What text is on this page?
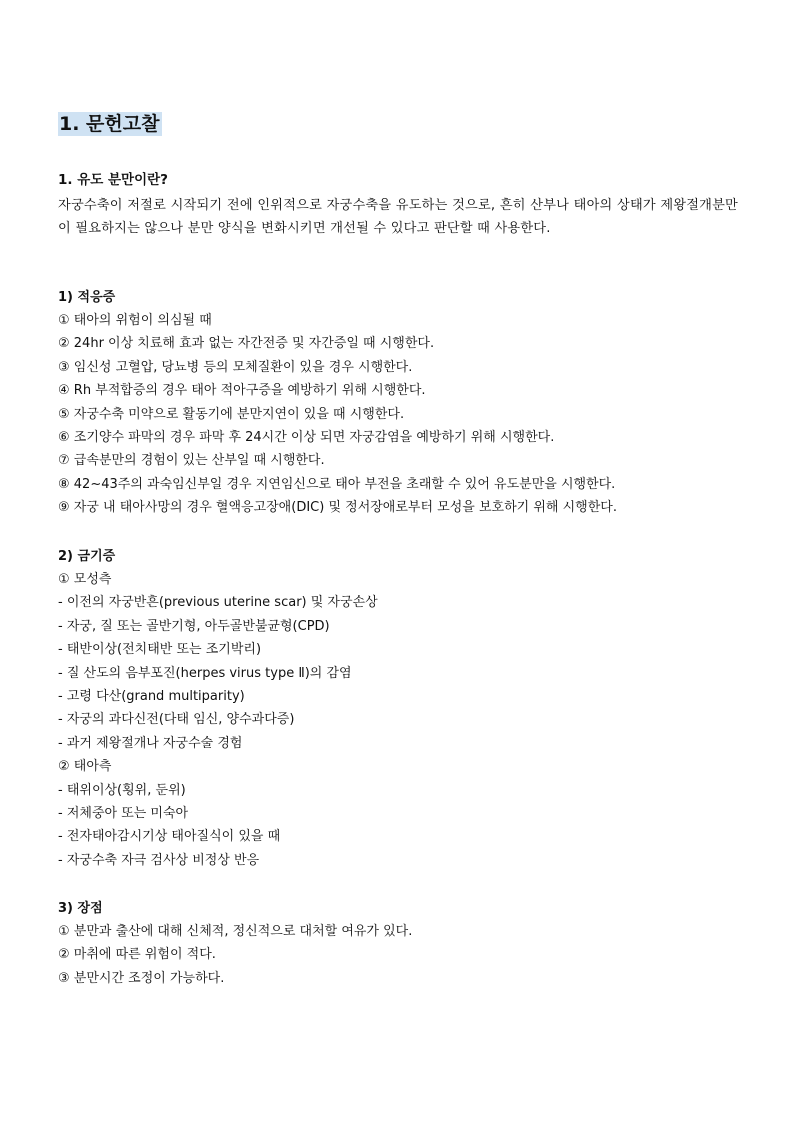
1. 문헌고찰
1. 유도 분만이란?
자궁수축이 저절로 시작되기 전에 인위적으로 자궁수축을 유도하는 것으로, 흔히 산부나 태아의 상태가 제왕절개분만이 필요하지는 않으나 분만 양식을 변화시키면 개선될 수 있다고 판단할 때 사용한다.
1) 적응증
① 태아의 위험이 의심될 때
② 24hr 이상 치료해 효과 없는 자간전증 및 자간증일 때 시행한다.
③ 임신성 고혈압, 당뇨병 등의 모체질환이 있을 경우 시행한다.
④ Rh 부적합증의 경우 태아 적아구증을 예방하기 위해 시행한다.
⑤ 자궁수축 미약으로 활동기에 분만지연이 있을 때 시행한다.
⑥ 조기양수 파막의 경우 파막 후 24시간 이상 되면 자궁감염을 예방하기 위해 시행한다.
⑦ 급속분만의 경험이 있는 산부일 때 시행한다.
⑧ 42~43주의 과숙임신부일 경우 지연임신으로 태아 부전을 초래할 수 있어 유도분만을 시행한다.
⑨ 자궁 내 태아사망의 경우 혈액응고장애(DIC) 및 정서장애로부터 모성을 보호하기 위해 시행한다.
2) 금기증
① 모성측
- 이전의 자궁반흔(previous uterine scar) 및 자궁손상
- 자궁, 질 또는 골반기형, 아두골반불균형(CPD)
- 태반이상(전치태반 또는 조기박리)
- 질 산도의 음부포진(herpes virus type Ⅱ)의 감염
- 고령 다산(grand multiparity)
- 자궁의 과다신전(다태 임신, 양수과다증)
- 과거 제왕절개나 자궁수술 경험
② 태아측
- 태위이상(횡위, 둔위)
- 저체중아 또는 미숙아
- 전자태아감시기상 태아질식이 있을 때
- 자궁수축 자극 검사상 비정상 반응
3) 장점
① 분만과 출산에 대해 신체적, 정신적으로 대처할 여유가 있다.
② 마취에 따른 위험이 적다.
③ 분만시간 조정이 가능하다.
